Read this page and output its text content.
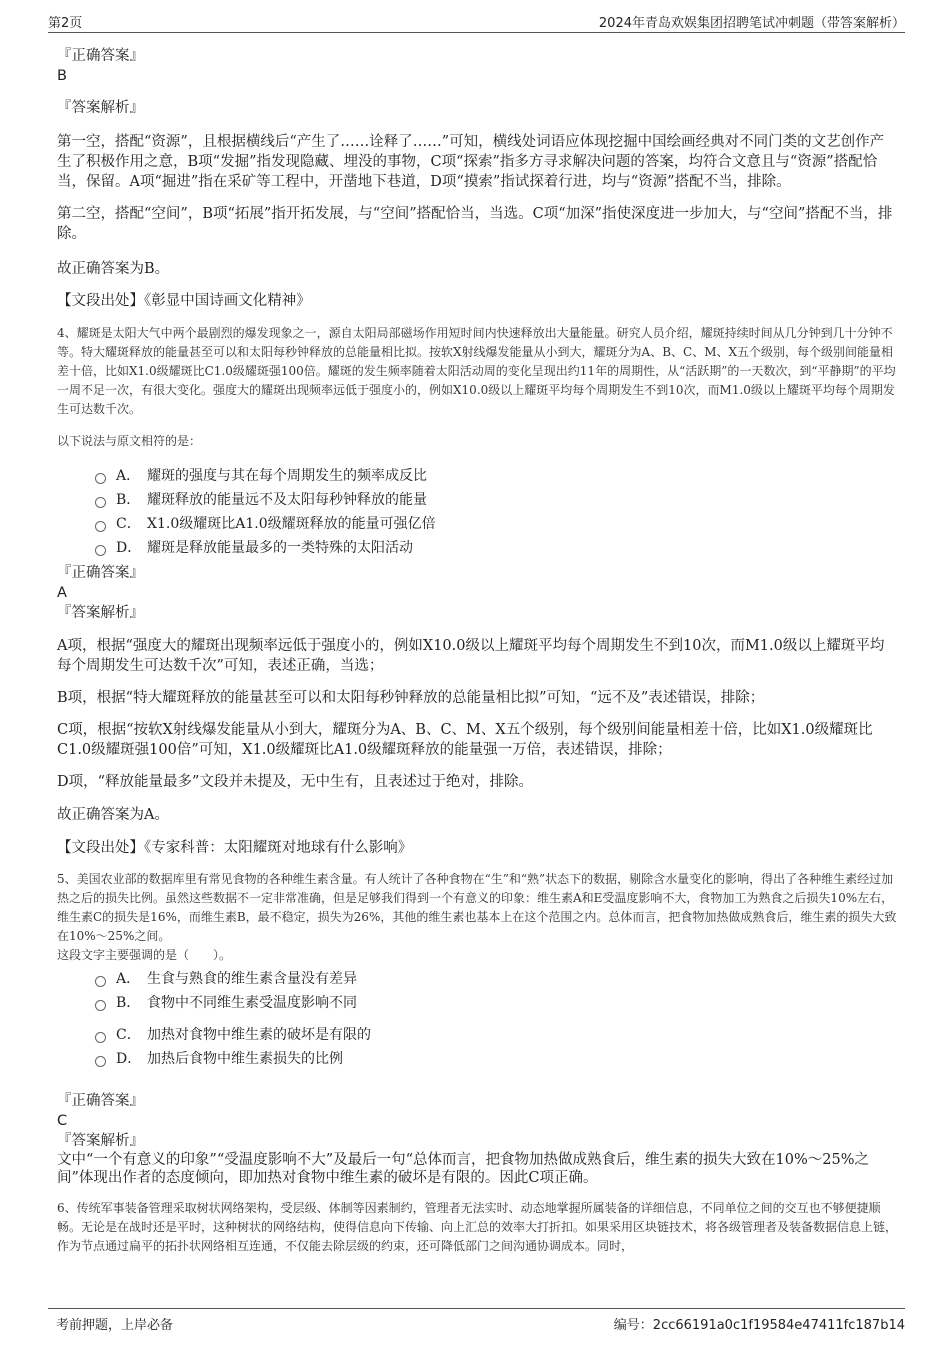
第2页	2024年青岛欢娱集团招聘笔试冲刺题（带答案解析）
『正确答案』
B
『答案解析』
第一空，搭配“资源”，且根据横线后“产生了……诠释了……”可知，横线处词语应体现挖掘中国绘画经典对不同门类的文艺创作产生了积极作用之意，B项“发掘”指发现隐藏、埋没的事物，C项“探索”指多方寻求解决问题的答案，均符合文意且与“资源”搭配恰当，保留。A项“掘进”指在采矿等工程中，开凿地下巷道，D项“摸索”指试探着行进，均与“资源”搭配不当，排除。
第二空，搭配“空间”，B项“拓展”指开拓发展，与“空间”搭配恰当，当选。C项“加深”指使深度进一步加大，与“空间”搭配不当，排除。
故正确答案为B。
【文段出处】《彰显中国诗画文化精神》
4、耀斑是太阳大气中两个最剧烈的爆发现象之一，源自太阳局部磁场作用短时间内快速释放出大量能量。研究人员介绍，耀斑持续时间从几分钟到几十分钟不等。特大耀斑释放的能量甚至可以和太阳每秒钟释放的总能量相比拟。按软X射线爆发能量从小到大，耀斑分为A、B、C、M、X五个级别，每个级别间能量相差十倍，比如X1.0级耀斑比C1.0级耀斑强100倍。耀斑的发生频率随着太阳活动周的变化呈现出约11年的周期性，从“活跃期”的一天数次，到“平静期”的平均一周不足一次，有很大变化。强度大的耀斑出现频率远低于强度小的，例如X10.0级以上耀斑平均每个周期发生不到10次，而M1.0级以上耀斑平均每个周期发生可达数千次。
以下说法与原文相符的是：
A． 耀斑的强度与其在每个周期发生的频率成反比
B． 耀斑释放的能量远不及太阳每秒钟释放的能量
C． X1.0级耀斑比A1.0级耀斑释放的能量可强亿倍
D． 耀斑是释放能量最多的一类特殊的太阳活动
『正确答案』
A
『答案解析』
A项，根据“强度大的耀斑出现频率远低于强度小的，例如X10.0级以上耀斑平均每个周期发生不到10次，而M1.0级以上耀斑平均每个周期发生可达数千次”可知，表述正确，当选；
B项，根据“特大耀斑释放的能量甚至可以和太阳每秒钟释放的总能量相比拟”可知，“远不及”表述错误，排除；
C项，根据“按软X射线爆发能量从小到大，耀斑分为A、B、C、M、X五个级别，每个级别间能量相差十倍，比如X1.0级耀斑比C1.0级耀斑强100倍”可知，X1.0级耀斑比A1.0级耀斑释放的能量强一万倍，表述错误，排除；
D项，“释放能量最多”文段并未提及，无中生有，且表述过于绝对，排除。
故正确答案为A。
【文段出处】《专家科普：太阳耀斑对地球有什么影响》
5、美国农业部的数据库里有常见食物的各种维生素含量。有人统计了各种食物在“生”和“熟”状态下的数据，剔除含水量变化的影响，得出了各种维生素经过加热之后的损失比例。虽然这些数据不一定非常准确，但是足够我们得到一个有意义的印象：维生素A和E受温度影响不大，食物加工为熟食之后损失10%左右，维生素C的损失是16%，而维生素B，最不稳定，损失为26%，其他的维生素也基本上在这个范围之内。总体而言，把食物加热做成熟食后，维生素的损失大致在10%～25%之间。
这段文字主要强调的是（　　）。
A． 生食与熟食的维生素含量没有差异
B． 食物中不同维生素受温度影响不同
C． 加热对食物中维生素的破坏是有限的
D． 加热后食物中维生素损失的比例
『正确答案』
C
『答案解析』
文中“一个有意义的印象”“受温度影响不大”及最后一句“总体而言，把食物加热做成熟食后，维生素的损失大致在10%～25%之间”体现出作者的态度倾向，即加热对食物中维生素的破坏是有限的。因此C项正确。
6、传统军事装备管理采取树状网络架构，受层级、体制等因素制约，管理者无法实时、动态地掌握所属装备的详细信息，不同单位之间的交互也不够便捷顺畅。无论是在战时还是平时，这种树状的网络结构，使得信息向下传输、向上汇总的效率大打折扣。如果采用区块链技术，将各级管理者及装备数据信息上链，作为节点通过扁平的拓扑状网络相互连通，不仅能去除层级的约束，还可降低部门之间沟通协调成本。同时，
考前押题，上岸必备	编号：2cc66191a0c1f19584e47411fc187b14
